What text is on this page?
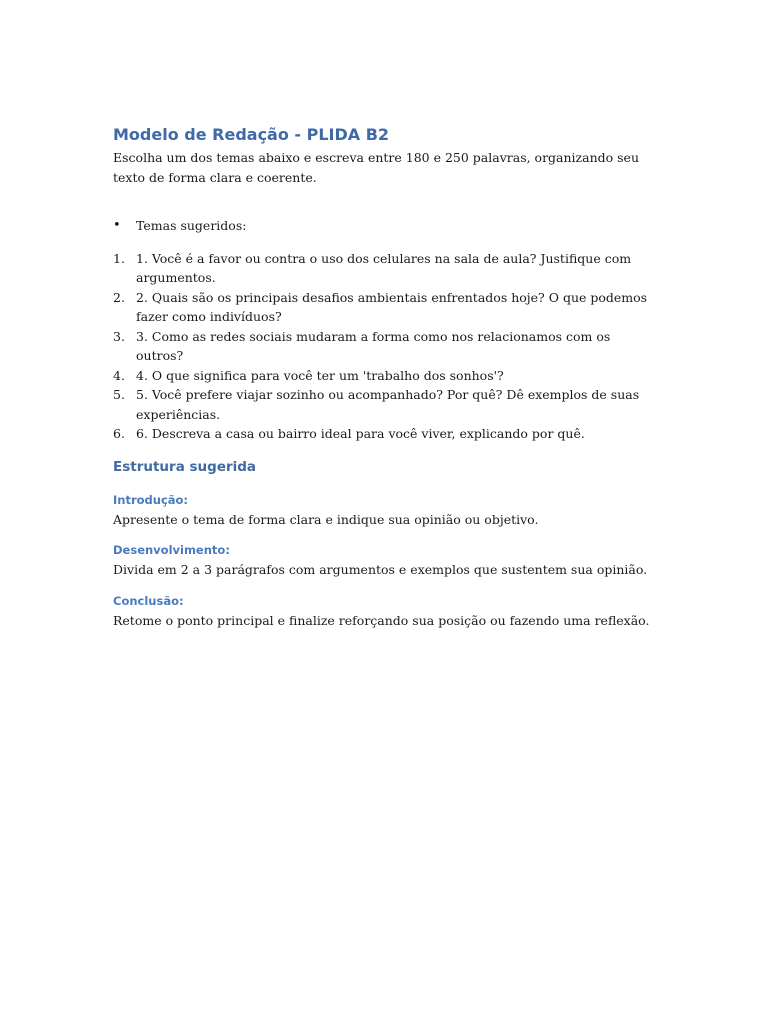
Modelo de Redação - PLIDA B2

Escolha um dos temas abaixo e escreva entre 180 e 250 palavras, organizando seu texto de forma clara e coerente.

• Temas sugeridos:
1. 1. Você é a favor ou contra o uso dos celulares na sala de aula? Justifique com argumentos.
2. 2. Quais são os principais desafios ambientais enfrentados hoje? O que podemos fazer como indivíduos?
3. 3. Como as redes sociais mudaram a forma como nos relacionamos com os outros?
4. 4. O que significa para você ter um 'trabalho dos sonhos'?
5. 5. Você prefere viajar sozinho ou acompanhado? Por quê? Dê exemplos de suas experiências.
6. 6. Descreva a casa ou bairro ideal para você viver, explicando por quê.
Estrutura sugerida
Introdução:

Apresente o tema de forma clara e indique sua opinião ou objetivo.

Desenvolvimento:

Divida em 2 a 3 parágrafos com argumentos e exemplos que sustentem sua opinião.

Conclusão:

Retome o ponto principal e finalize reforçando sua posição ou fazendo uma reflexão.
